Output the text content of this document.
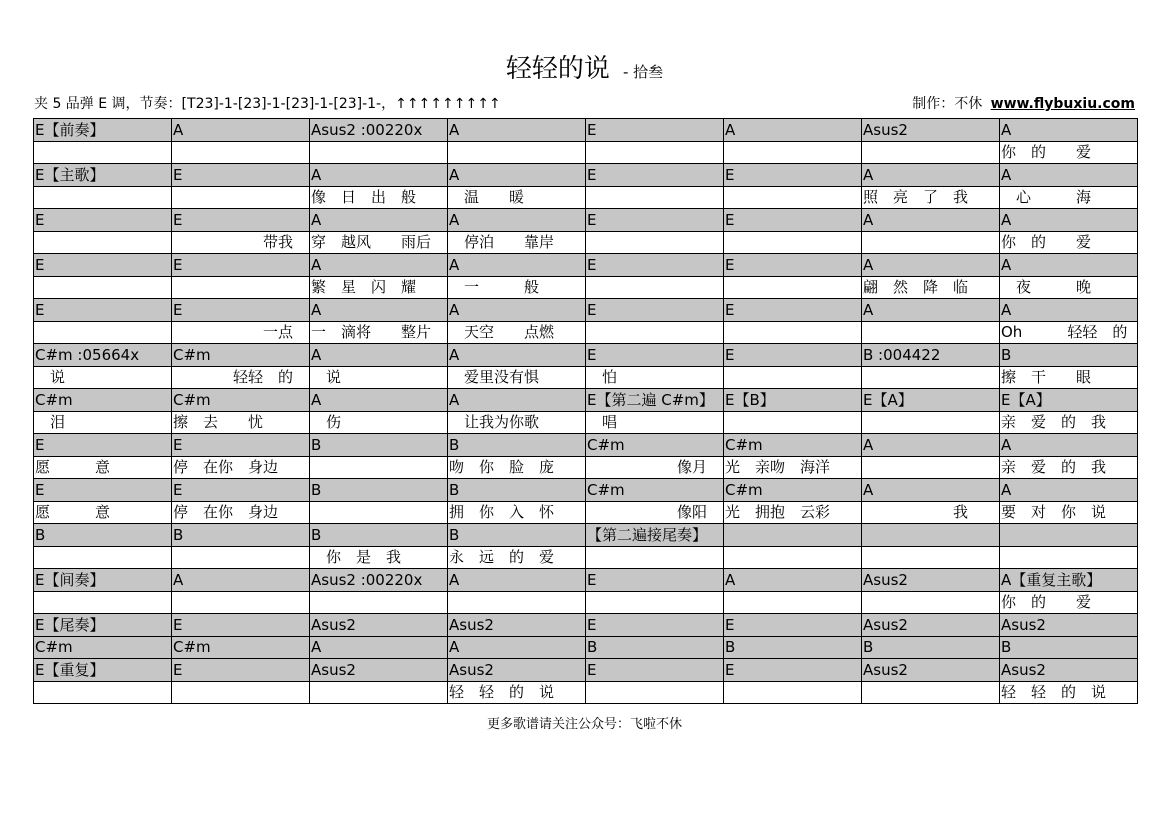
轻轻的说 - 拾叁
夹 5 品弹 E 调，节奏：[T23]-1-[23]-1-[23]-1-[23]-1-，↑↑↑↑↑↑↑↑↑	制作：不休 www.flybuxiu.com
E【前奏】	A	Asus2 :00220x	A	E	A	Asus2	A
							你　的　　爱
E【主歌】	E	A	A	E	E	A	A
		像　日　出　般	　温　　暖			照　亮　了　我	　心　　　海
E	E	A	A	E	E	A	A
	　　　　　　带我	穿　越风　　雨后	　停泊　　靠岸				你　的　　爱
E	E	A	A	E	E	A	A
		繁　星　闪　耀	　一　　　般			翩　然　降　临	　夜　　　晚
E	E	A	A	E	E	A	A
	　　　　　　一点	一　滴将　　整片	　天空　　点燃				Oh　　　轻轻　的
C#m :05664x	C#m	A	A	E	E	B :004422	B
　说	　　　　轻轻　的	　说	　爱里没有惧	　怕			擦　干　　眼
C#m	C#m	A	A	E【第二遍 C#m】	E【B】	E【A】	E【A】
　泪	擦　去　　忧	　伤	　让我为你歌	　唱			亲　爱　的　我
E	E	B	B	C#m	C#m	A	A
愿　　　意	停　在你　身边		吻　你　脸　庞	　　　　　　像月	光　亲吻　海洋		亲　爱　的　我
E	E	B	B	C#m	C#m	A	A
愿　　　意	停　在你　身边		拥　你　入　怀	　　　　　　像阳	光　拥抱　云彩	　　　　　　我	要　对　你　说
B	B	B	B	【第二遍接尾奏】			
		　你　是　我	永　远　的　爱				
E【间奏】	A	Asus2 :00220x	A	E	A	Asus2	A【重复主歌】
							你　的　　爱
E【尾奏】	E	Asus2	Asus2	E	E	Asus2	Asus2
C#m	C#m	A	A	B	B	B	B
E【重复】	E	Asus2	Asus2	E	E	Asus2	Asus2
			轻　轻　的　说				轻　轻　的　说
更多歌谱请关注公众号：飞啦不休
